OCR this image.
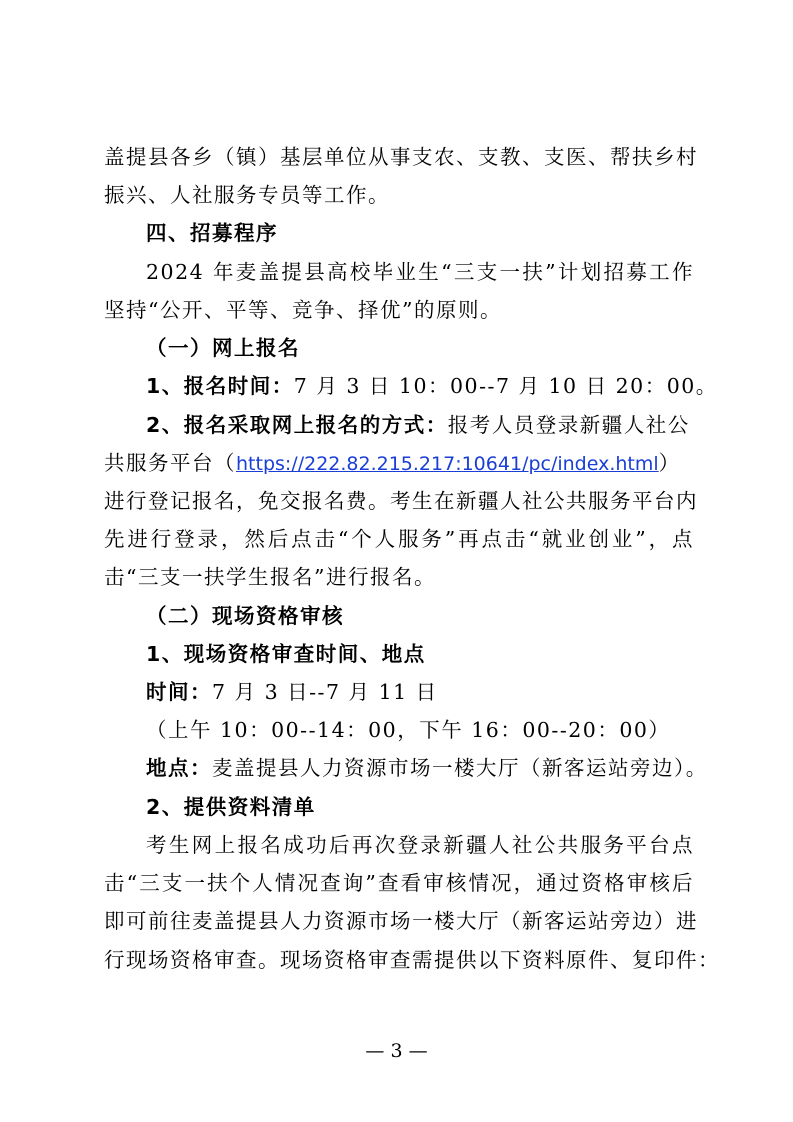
盖提县各乡（镇）基层单位从事支农、支教、支医、帮扶乡村
振兴、人社服务专员等工作。
四、招募程序
2024 年麦盖提县高校毕业生“三支一扶”计划招募工作
坚持“公开、平等、竞争、择优”的原则。
（一）网上报名
1、报名时间：7 月 3 日 10：00--7 月 10 日 20：00。
2、报名采取网上报名的方式：报考人员登录新疆人社公
共服务平台（https://222.82.215.217:10641/pc/index.html）
进行登记报名，免交报名费。考生在新疆人社公共服务平台内
先进行登录，然后点击“个人服务”再点击“就业创业”，点
击“三支一扶学生报名”进行报名。
（二）现场资格审核
1、现场资格审查时间、地点
时间：7 月 3 日--7 月 11 日
（上午 10：00--14：00，下午 16：00--20：00）
地点：麦盖提县人力资源市场一楼大厅（新客运站旁边）。
2、提供资料清单
考生网上报名成功后再次登录新疆人社公共服务平台点
击“三支一扶个人情况查询”查看审核情况，通过资格审核后
即可前往麦盖提县人力资源市场一楼大厅（新客运站旁边）进
行现场资格审查。现场资格审查需提供以下资料原件、复印件：
— 3 —
